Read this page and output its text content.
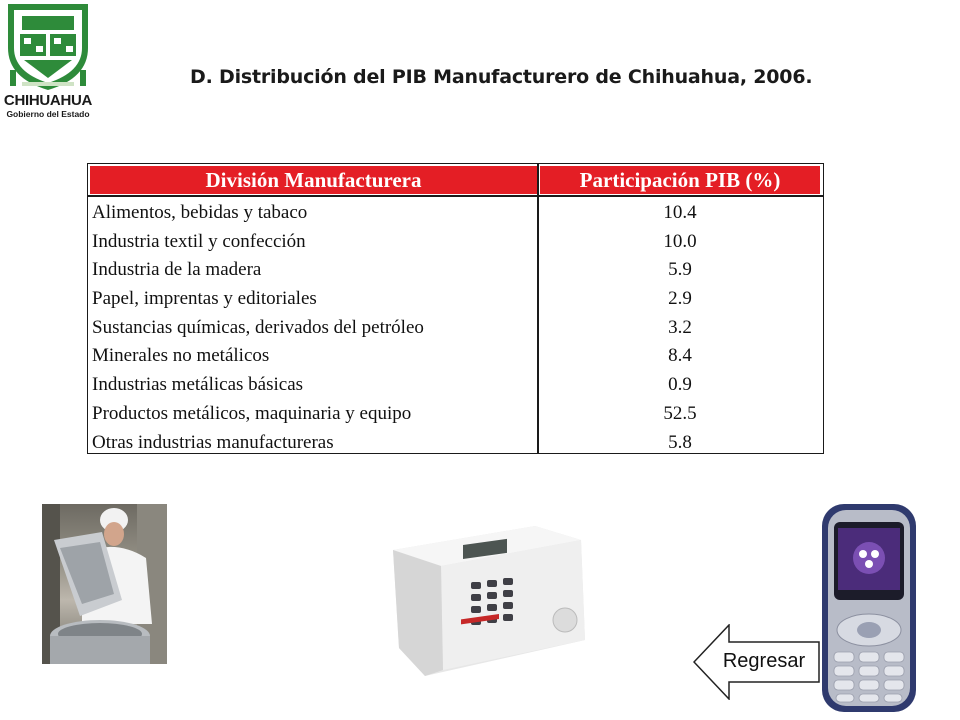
CHIHUAHUA
Gobierno del Estado
D. Distribución del PIB Manufacturero de Chihuahua, 2006.
División Manufacturera	Participación PIB (%)
Alimentos, bebidas y tabaco	10.4
Industria textil y confección	10.0
Industria de la madera	5.9
Papel, imprentas y editoriales	2.9
Sustancias químicas, derivados del petróleo	3.2
Minerales no metálicos	8.4
Industrias metálicas básicas	0.9
Productos metálicos, maquinaria y equipo	52.5
Otras industrias manufactureras	5.8
Regresar
